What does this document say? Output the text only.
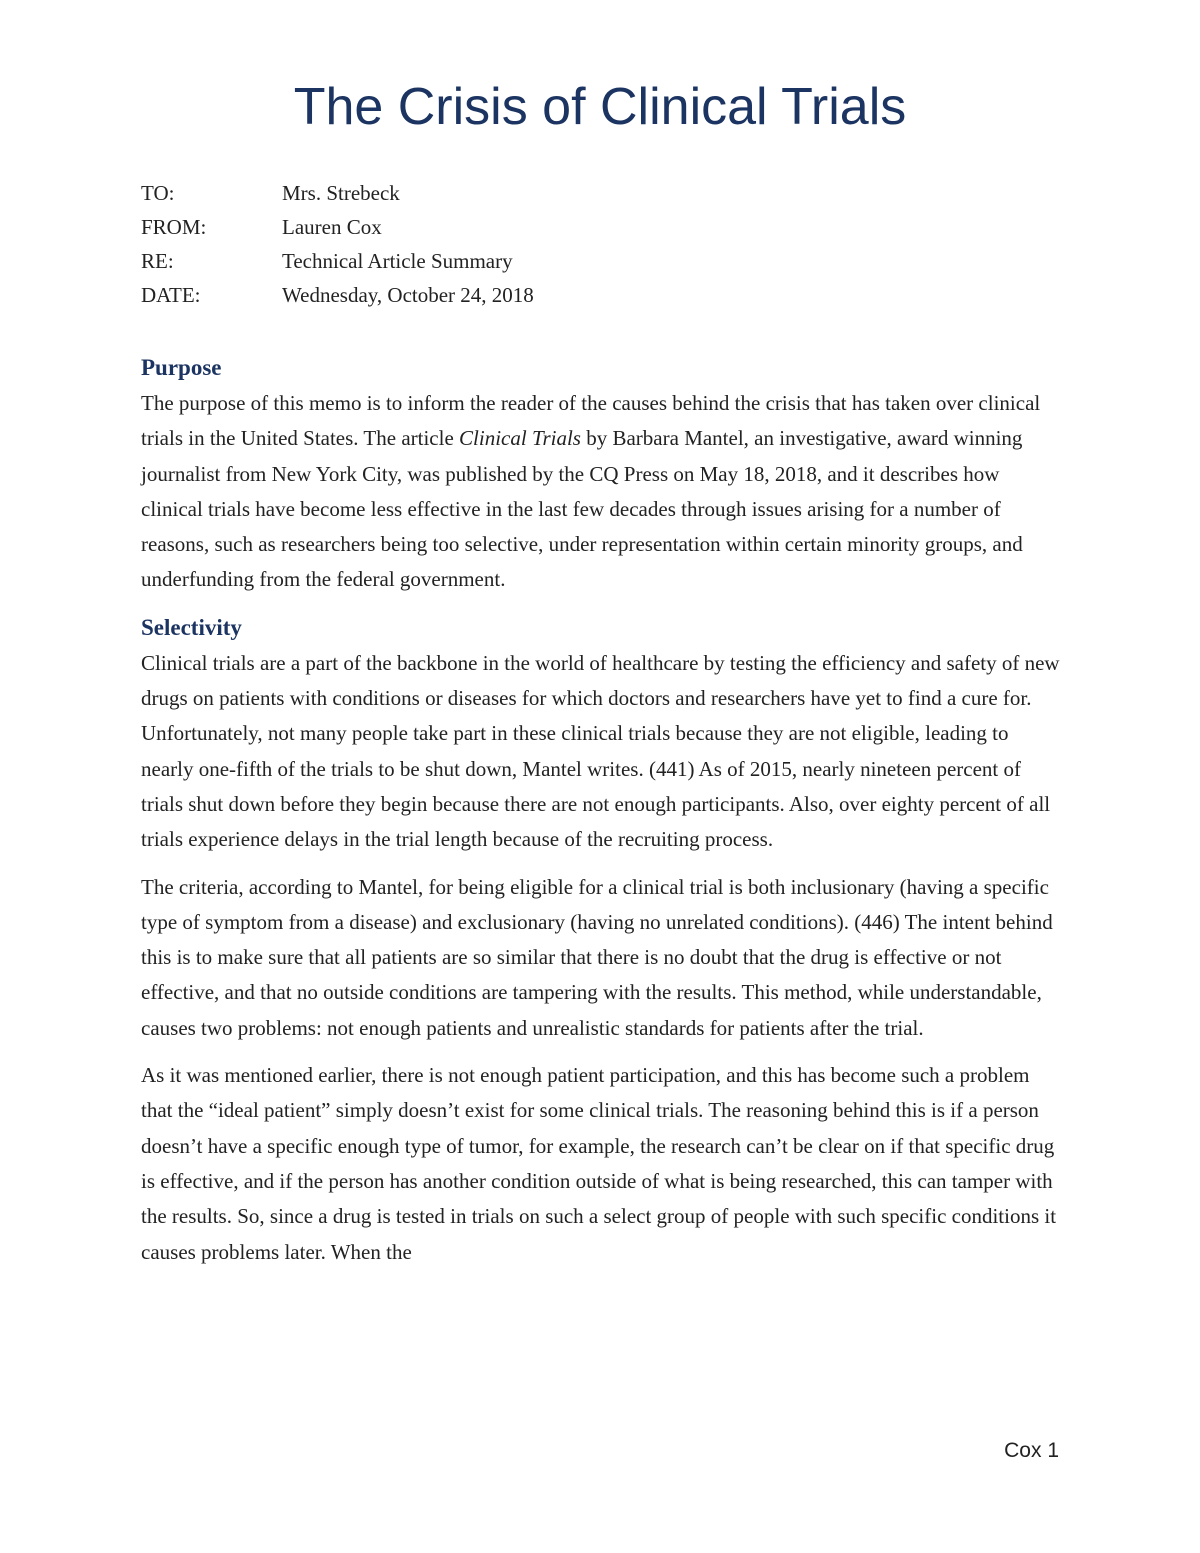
The Crisis of Clinical Trials
TO:	Mrs. Strebeck
FROM:	Lauren Cox
RE:	Technical Article Summary
DATE:	Wednesday, October 24, 2018
Purpose

The purpose of this memo is to inform the reader of the causes behind the crisis that has taken over clinical trials in the United States. The article Clinical Trials by Barbara Mantel, an investigative, award winning journalist from New York City, was published by the CQ Press on May 18, 2018, and it describes how clinical trials have become less effective in the last few decades through issues arising for a number of reasons, such as researchers being too selective, under representation within certain minority groups, and underfunding from the federal government.

Selectivity

Clinical trials are a part of the backbone in the world of healthcare by testing the efficiency and safety of new drugs on patients with conditions or diseases for which doctors and researchers have yet to find a cure for. Unfortunately, not many people take part in these clinical trials because they are not eligible, leading to nearly one-fifth of the trials to be shut down, Mantel writes. (441) As of 2015, nearly nineteen percent of trials shut down before they begin because there are not enough participants. Also, over eighty percent of all trials experience delays in the trial length because of the recruiting process.

The criteria, according to Mantel, for being eligible for a clinical trial is both inclusionary (having a specific type of symptom from a disease) and exclusionary (having no unrelated conditions). (446) The intent behind this is to make sure that all patients are so similar that there is no doubt that the drug is effective or not effective, and that no outside conditions are tampering with the results. This method, while understandable, causes two problems: not enough patients and unrealistic standards for patients after the trial.

As it was mentioned earlier, there is not enough patient participation, and this has become such a problem that the “ideal patient” simply doesn’t exist for some clinical trials. The reasoning behind this is if a person doesn’t have a specific enough type of tumor, for example, the research can’t be clear on if that specific drug is effective, and if the person has another condition outside of what is being researched, this can tamper with the results. So, since a drug is tested in trials on such a select group of people with such specific conditions it causes problems later. When the

Cox 1
